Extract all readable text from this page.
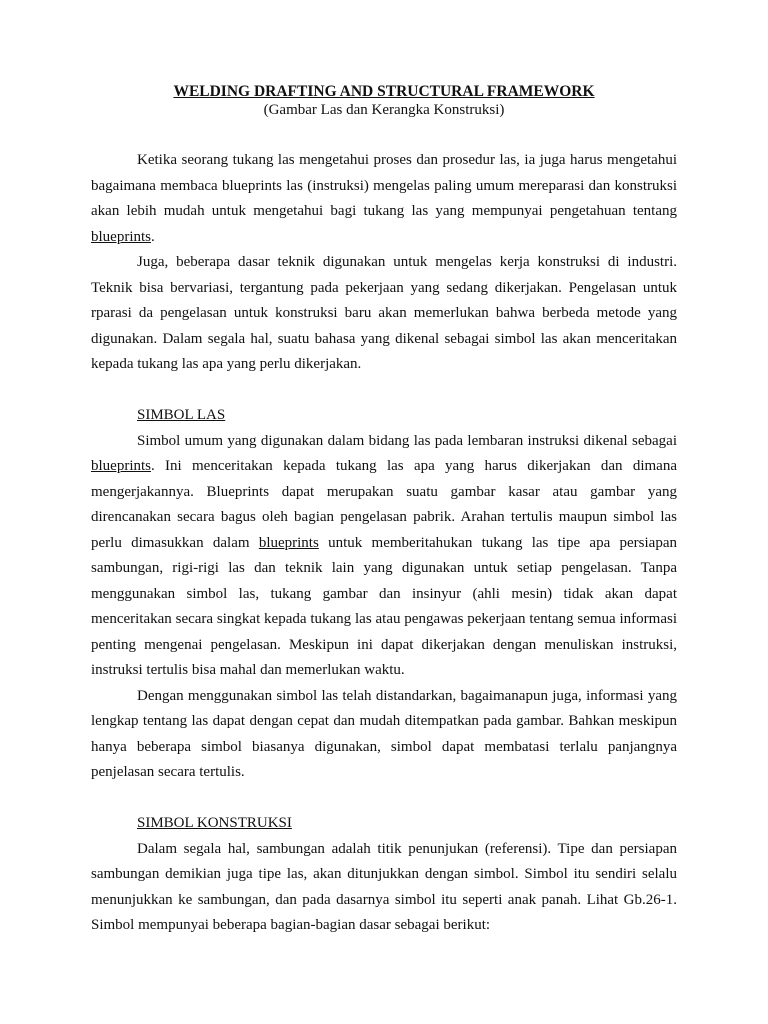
WELDING DRAFTING AND STRUCTURAL FRAMEWORK
(Gambar Las dan Kerangka Konstruksi)

Ketika seorang tukang las mengetahui proses dan prosedur las, ia juga harus mengetahui bagaimana membaca blueprints las (instruksi) mengelas paling umum mereparasi dan konstruksi akan lebih mudah untuk mengetahui bagi tukang las yang mempunyai pengetahuan tentang blueprints.

Juga, beberapa dasar teknik digunakan untuk mengelas kerja konstruksi di industri. Teknik bisa bervariasi, tergantung pada pekerjaan yang sedang dikerjakan. Pengelasan untuk rparasi da pengelasan untuk konstruksi baru akan memerlukan bahwa berbeda metode yang digunakan. Dalam segala hal, suatu bahasa yang dikenal sebagai simbol las akan menceritakan kepada tukang las apa yang perlu dikerjakan.

SIMBOL LAS

Simbol umum yang digunakan dalam bidang las pada lembaran instruksi dikenal sebagai blueprints. Ini menceritakan kepada tukang las apa yang harus dikerjakan dan dimana mengerjakannya. Blueprints dapat merupakan suatu gambar kasar atau gambar yang direncanakan secara bagus oleh bagian pengelasan pabrik. Arahan tertulis maupun simbol las perlu dimasukkan dalam blueprints untuk memberitahukan tukang las tipe apa persiapan sambungan, rigi-rigi las dan teknik lain yang digunakan untuk setiap pengelasan. Tanpa menggunakan simbol las, tukang gambar dan insinyur (ahli mesin) tidak akan dapat menceritakan secara singkat kepada tukang las atau pengawas pekerjaan tentang semua informasi penting mengenai pengelasan. Meskipun ini dapat dikerjakan dengan menuliskan instruksi, instruksi tertulis bisa mahal dan memerlukan waktu.

Dengan menggunakan simbol las telah distandarkan, bagaimanapun juga, informasi yang lengkap tentang las dapat dengan cepat dan mudah ditempatkan pada gambar. Bahkan meskipun hanya beberapa simbol biasanya digunakan, simbol dapat membatasi terlalu panjangnya penjelasan secara tertulis.

SIMBOL KONSTRUKSI

Dalam segala hal, sambungan adalah titik penunjukan (referensi). Tipe dan persiapan sambungan demikian juga tipe las, akan ditunjukkan dengan simbol. Simbol itu sendiri selalu menunjukkan ke sambungan, dan pada dasarnya simbol itu seperti anak panah. Lihat Gb.26-1. Simbol mempunyai beberapa bagian-bagian dasar sebagai berikut:
